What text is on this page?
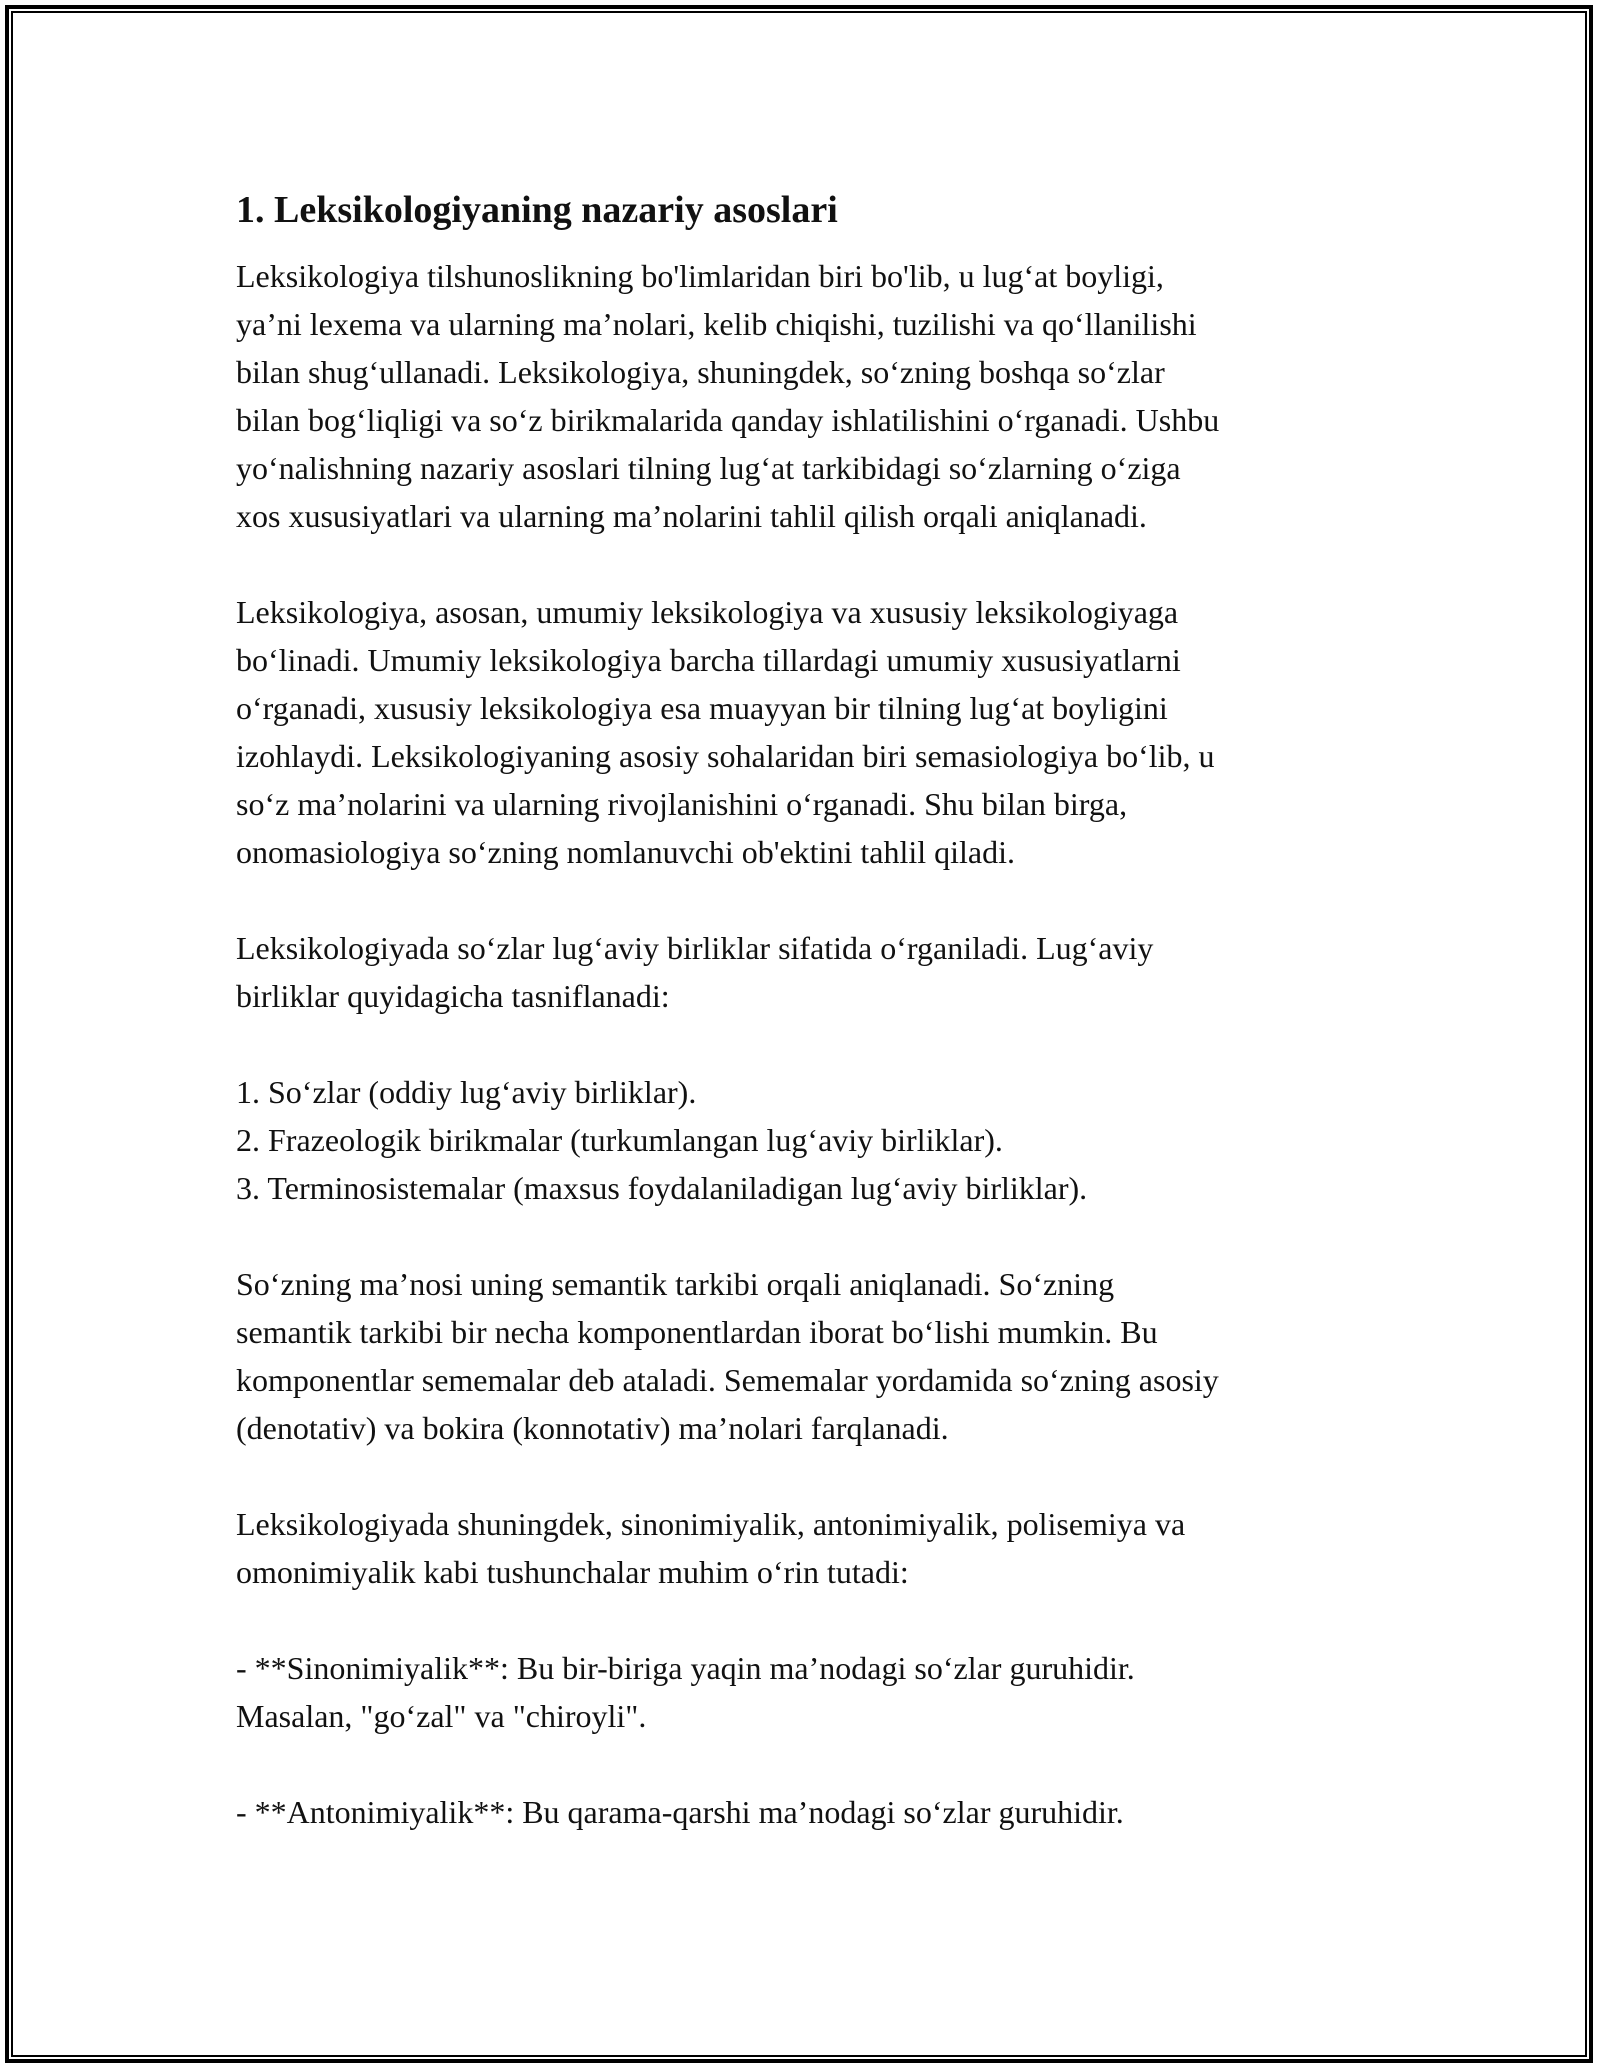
1. Leksikologiyaning nazariy asoslari

Leksikologiya tilshunoslikning bo'limlaridan biri bo'lib, u lug‘at boyligi,
ya’ni lexema va ularning ma’nolari, kelib chiqishi, tuzilishi va qo‘llanilishi
bilan shug‘ullanadi. Leksikologiya, shuningdek, so‘zning boshqa so‘zlar
bilan bog‘liqligi va so‘z birikmalarida qanday ishlatilishini o‘rganadi. Ushbu
yo‘nalishning nazariy asoslari tilning lug‘at tarkibidagi so‘zlarning o‘ziga
xos xususiyatlari va ularning ma’nolarini tahlil qilish orqali aniqlanadi.

Leksikologiya, asosan, umumiy leksikologiya va xususiy leksikologiyaga
bo‘linadi. Umumiy leksikologiya barcha tillardagi umumiy xususiyatlarni
o‘rganadi, xususiy leksikologiya esa muayyan bir tilning lug‘at boyligini
izohlaydi. Leksikologiyaning asosiy sohalaridan biri semasiologiya bo‘lib, u
so‘z ma’nolarini va ularning rivojlanishini o‘rganadi. Shu bilan birga,
onomasiologiya so‘zning nomlanuvchi ob'ektini tahlil qiladi.

Leksikologiyada so‘zlar lug‘aviy birliklar sifatida o‘rganiladi. Lug‘aviy
birliklar quyidagicha tasniflanadi:

1. So‘zlar (oddiy lug‘aviy birliklar).
2. Frazeologik birikmalar (turkumlangan lug‘aviy birliklar).
3. Terminosistemalar (maxsus foydalaniladigan lug‘aviy birliklar).

So‘zning ma’nosi uning semantik tarkibi orqali aniqlanadi. So‘zning
semantik tarkibi bir necha komponentlardan iborat bo‘lishi mumkin. Bu
komponentlar sememalar deb ataladi. Sememalar yordamida so‘zning asosiy
(denotativ) va bokira (konnotativ) ma’nolari farqlanadi.

Leksikologiyada shuningdek, sinonimiyalik, antonimiyalik, polisemiya va
omonimiyalik kabi tushunchalar muhim o‘rin tutadi:

- **Sinonimiyalik**: Bu bir-biriga yaqin ma’nodagi so‘zlar guruhidir.
Masalan, "go‘zal" va "chiroyli".

- **Antonimiyalik**: Bu qarama-qarshi ma’nodagi so‘zlar guruhidir.
